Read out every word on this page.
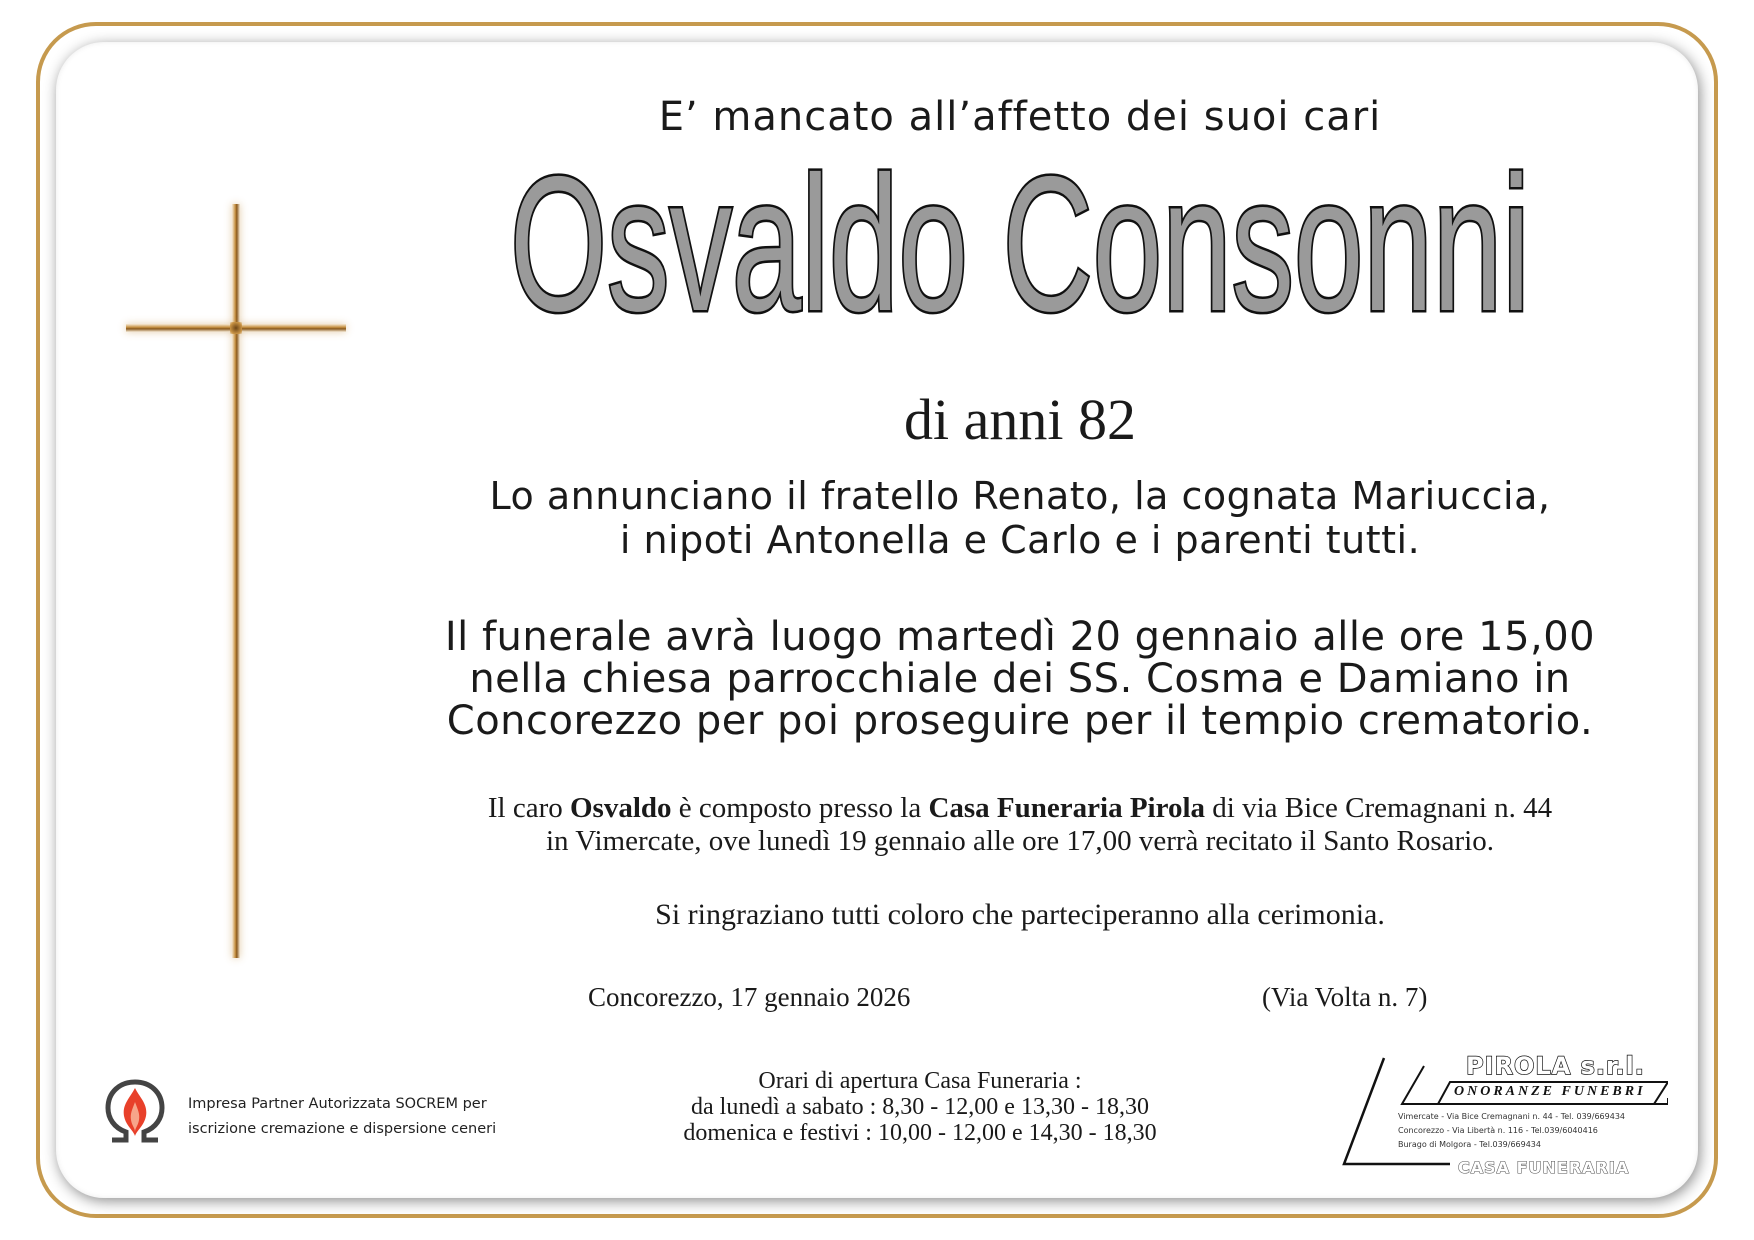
E’ mancato all’affetto dei suoi cari
Osvaldo Consonni
di anni 82
Lo annunciano il fratello Renato, la cognata Mariuccia,
i nipoti Antonella e Carlo e i parenti tutti.
Il funerale avrà luogo martedì 20 gennaio alle ore 15,00
nella chiesa parrocchiale dei SS. Cosma e Damiano in
Concorezzo per poi proseguire per il tempio crematorio.
Il caro Osvaldo è composto presso la Casa Funeraria Pirola di via Bice Cremagnani n. 44
in Vimercate, ove lunedì 19 gennaio alle ore 17,00 verrà recitato il Santo Rosario.
Si ringraziano tutti coloro che parteciperanno alla cerimonia.
Concorezzo, 17 gennaio 2026	(Via Volta n. 7)
Orari di apertura Casa Funeraria :
da lunedì a sabato : 8,30 - 12,00 e 13,30 - 18,30
domenica e festivi : 10,00 - 12,00 e 14,30 - 18,30
Impresa Partner Autorizzata SOCREM per
iscrizione cremazione e dispersione ceneri
PIROLA s.r.l.
ONORANZE FUNEBRI
Vimercate - Via Bice Cremagnani n. 44 - Tel. 039/669434
Concorezzo - Via Libertà n. 116 - Tel.039/6040416
Burago di Molgora - Tel.039/669434
CASA FUNERARIA
